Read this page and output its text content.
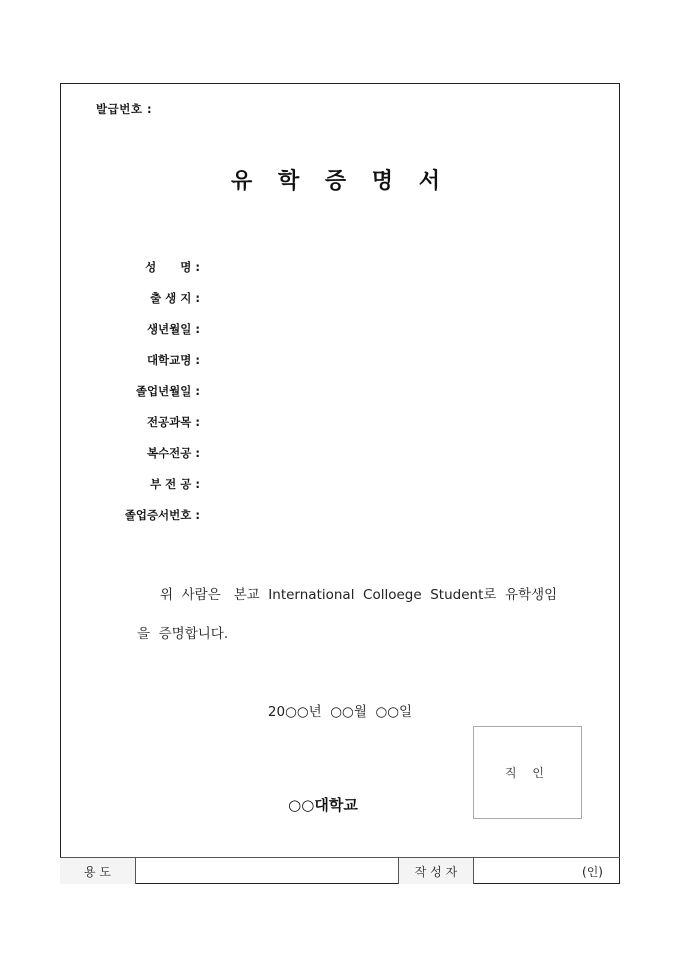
발급번호 :
유 학 증 명 서
성      명 :
출 생 지 :
생년월일 :
대학교명 :
졸업년월일 :
전공과목 :
복수전공 :
부 전 공 :
졸업증서번호 :
위  사람은   본교  International  Colloege  Student로  유학생임
을  증명합니다.
20○○년  ○○월  ○○일
직 인
○○대학교
용 도	작 성 자	(인)
